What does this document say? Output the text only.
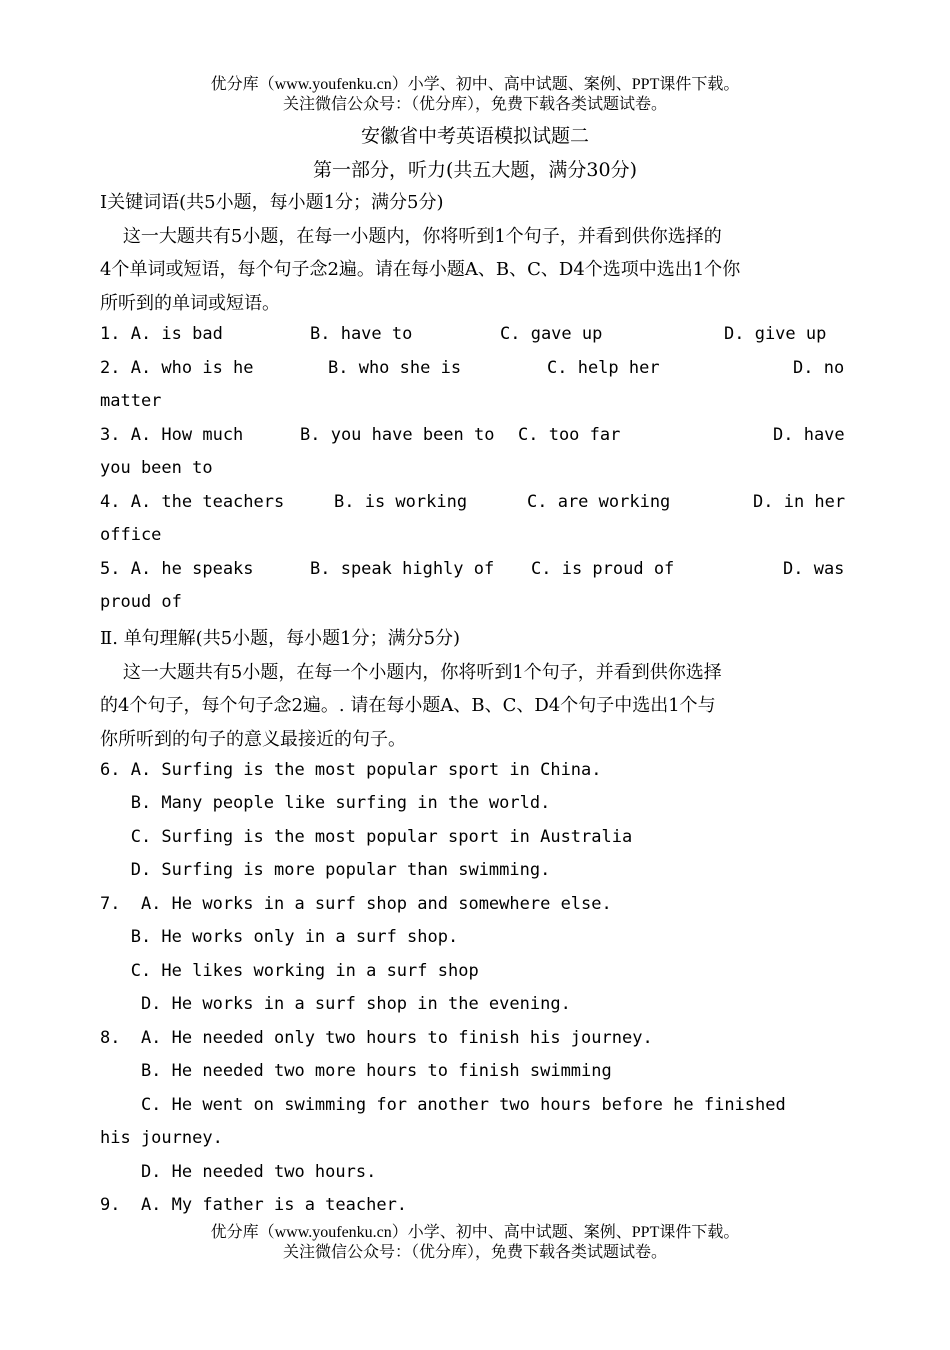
优分库（www.youfenku.cn）小学、初中、高中试题、案例、PPT课件下载。
关注微信公众号：（优分库），免费下载各类试题试卷。
安徽省中考英语模拟试题二
第一部分，听力(共五大题，满分30分)
Ⅰ关键词语(共5小题，每小题1分；满分5分)
这一大题共有5小题，在每一小题内，你将听到1个句子，并看到供你选择的
4个单词或短语，每个句子念2遍。请在每小题A、B、C、D4个选项中选出1个你
所听到的单词或短语。
1. A. is bad	B. have to	C. gave up	D. give up
2. A. who is he	B. who she is	C. help her	D. no
matter
3. A. How much	B. you have been to C. too far	D. have
you been to
4. A. the teachers	B. is working	C. are working	D. in her
office
5. A. he speaks	B. speak highly of C. is proud of	D. was
proud of
Ⅱ. 单句理解(共5小题，每小题1分；满分5分)
这一大题共有5小题，在每一个小题内，你将听到1个句子，并看到供你选择
的4个句子，每个句子念2遍。. 请在每小题A、B、C、D4个句子中选出1个与
你所听到的句子的意义最接近的句子。
6. A. Surfing is the most popular sport in China.
B. Many people like surfing in the world.
C. Surfing is the most popular sport in Australia
D. Surfing is more popular than swimming.
7.  A. He works in a surf shop and somewhere else.
B. He works only in a surf shop.
C. He likes working in a surf shop
D. He works in a surf shop in the evening.
8.  A. He needed only two hours to finish his journey.
B. He needed two more hours to finish swimming
C. He went on swimming for another two hours before he finished
his journey.
D. He needed two hours.
9.  A. My father is a teacher.
优分库（www.youfenku.cn）小学、初中、高中试题、案例、PPT课件下载。
关注微信公众号：（优分库），免费下载各类试题试卷。
